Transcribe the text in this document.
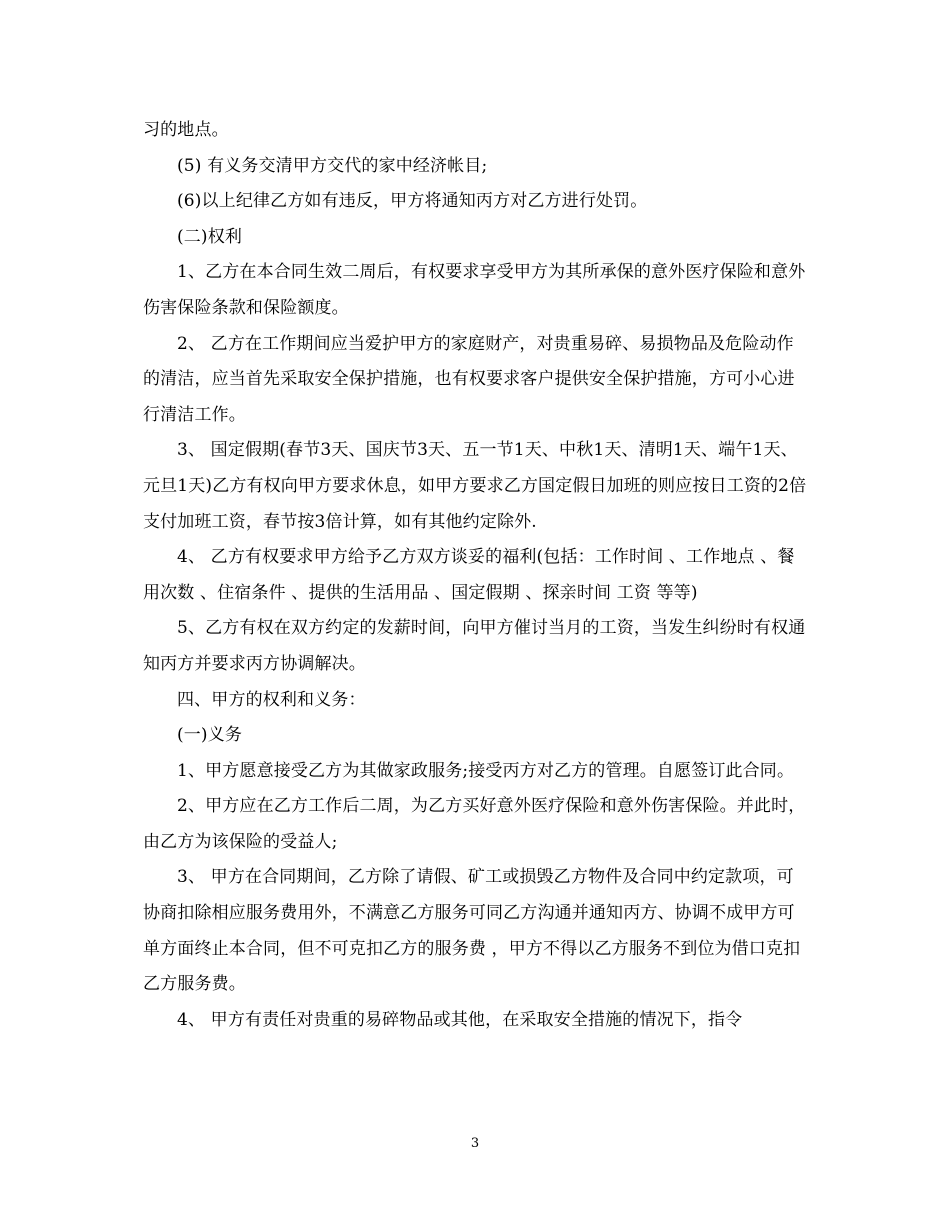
习的地点。

(5) 有义务交清甲方交代的家中经济帐目;

(6)以上纪律乙方如有违反，甲方将通知丙方对乙方进行处罚。

(二)权利

1、乙方在本合同生效二周后，有权要求享受甲方为其所承保的意外医疗保险和意外伤害保险条款和保险额度。

2、 乙方在工作期间应当爱护甲方的家庭财产，对贵重易碎、易损物品及危险动作的清洁，应当首先采取安全保护措施，也有权要求客户提供安全保护措施，方可小心进行清洁工作。

3、 国定假期(春节3天、国庆节3天、五一节1天、中秋1天、清明1天、端午1天、元旦1天)乙方有权向甲方要求休息，如甲方要求乙方国定假日加班的则应按日工资的2倍支付加班工资，春节按3倍计算，如有其他约定除外.

4、 乙方有权要求甲方给予乙方双方谈妥的福利(包括：工作时间 、工作地点 、餐用次数 、住宿条件 、提供的生活用品 、国定假期 、探亲时间 工资 等等)

5、乙方有权在双方约定的发薪时间，向甲方催讨当月的工资，当发生纠纷时有权通知丙方并要求丙方协调解决。

四、甲方的权利和义务：

(一)义务

1、甲方愿意接受乙方为其做家政服务;接受丙方对乙方的管理。自愿签订此合同。

2、甲方应在乙方工作后二周，为乙方买好意外医疗保险和意外伤害保险。并此时，由乙方为该保险的受益人;

3、 甲方在合同期间，乙方除了请假、矿工或损毁乙方物件及合同中约定款项，可协商扣除相应服务费用外，不满意乙方服务可同乙方沟通并通知丙方、协调不成甲方可单方面终止本合同，但不可克扣乙方的服务费 ，甲方不得以乙方服务不到位为借口克扣乙方服务费。

4、 甲方有责任对贵重的易碎物品或其他，在采取安全措施的情况下，指令

3
